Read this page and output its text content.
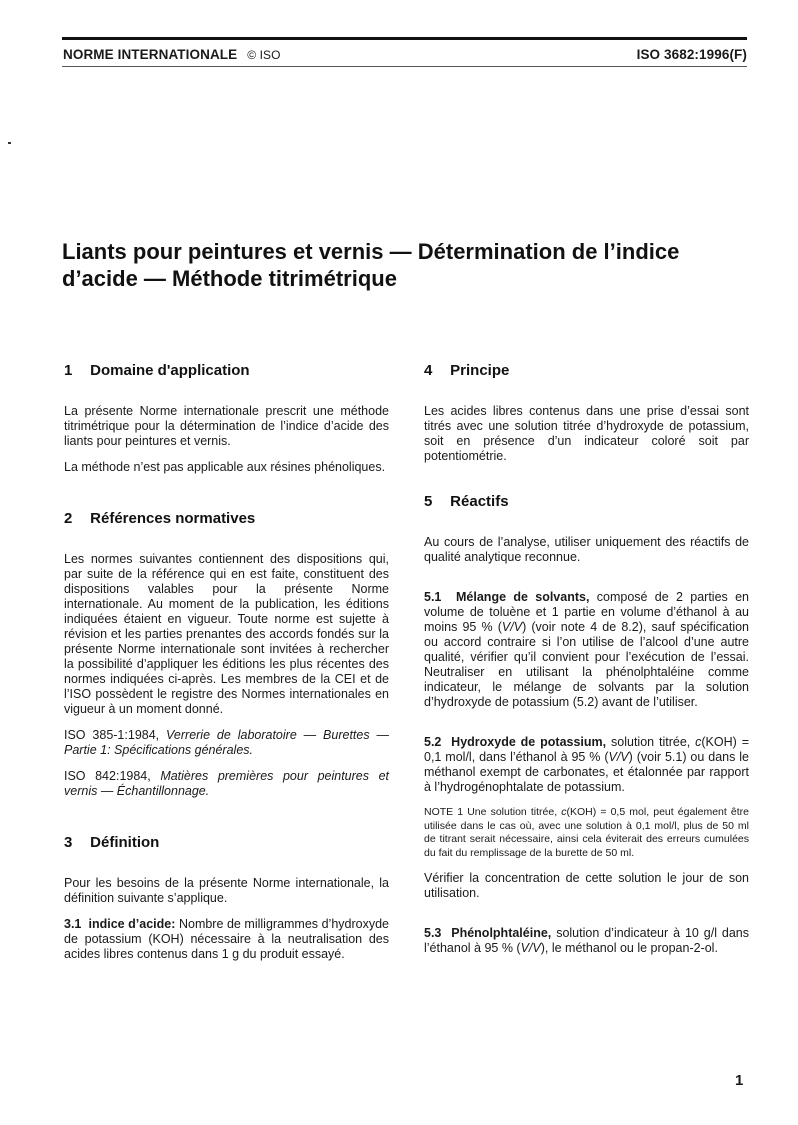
NORME INTERNATIONALE © ISO	ISO 3682:1996(F)
Liants pour peintures et vernis — Détermination de l’indice d’acide — Méthode titrimétrique
1 Domaine d'application

La présente Norme internationale prescrit une méthode titrimétrique pour la détermination de l’indice d’acide des liants pour peintures et vernis.

La méthode n’est pas applicable aux résines phénoliques.

2 Références normatives

Les normes suivantes contiennent des dispositions qui, par suite de la référence qui en est faite, constituent des dispositions valables pour la présente Norme internationale. Au moment de la publication, les éditions indiquées étaient en vigueur. Toute norme est sujette à révision et les parties prenantes des accords fondés sur la présente Norme internationale sont invitées à rechercher la possibilité d’appliquer les éditions les plus récentes des normes indiquées ci-après. Les membres de la CEI et de l’ISO possèdent le registre des Normes internationales en vigueur à un moment donné.

ISO 385-1:1984, Verrerie de laboratoire — Burettes — Partie 1: Spécifications générales.

ISO 842:1984, Matières premières pour peintures et vernis — Échantillonnage.

3 Définition

Pour les besoins de la présente Norme internationale, la définition suivante s’applique.

3.1 indice d’acide: Nombre de milligrammes d’hydroxyde de potassium (KOH) nécessaire à la neutralisation des acides libres contenus dans 1 g du produit essayé.

4 Principe

Les acides libres contenus dans une prise d’essai sont titrés avec une solution titrée d’hydroxyde de potassium, soit en présence d’un indicateur coloré soit par potentiométrie.

5 Réactifs

Au cours de l’analyse, utiliser uniquement des réactifs de qualité analytique reconnue.

5.1 Mélange de solvants, composé de 2 parties en volume de toluène et 1 partie en volume d’éthanol à au moins 95 % (V/V) (voir note 4 de 8.2), sauf spécification ou accord contraire si l’on utilise de l’alcool d’une autre qualité, vérifier qu’il convient pour l’exécution de l’essai. Neutraliser en utilisant la phénolphtaléine comme indicateur, le mélange de solvants par la solution d’hydroxyde de potassium (5.2) avant de l’utiliser.

5.2 Hydroxyde de potassium, solution titrée, c(KOH) = 0,1 mol/l, dans l’éthanol à 95 % (V/V) (voir 5.1) ou dans le méthanol exempt de carbonates, et étalonnée par rapport à l’hydrogénophtalate de potassium.

NOTE 1 Une solution titrée, c(KOH) = 0,5 mol, peut également être utilisée dans le cas où, avec une solution à 0,1 mol/l, plus de 50 ml de titrant serait nécessaire, ainsi cela éviterait des erreurs cumulées du fait du remplissage de la burette de 50 ml.

Vérifier la concentration de cette solution le jour de son utilisation.

5.3 Phénolphtaléine, solution d’indicateur à 10 g/l dans l’éthanol à 95 % (V/V), le méthanol ou le propan-2-ol.

1
